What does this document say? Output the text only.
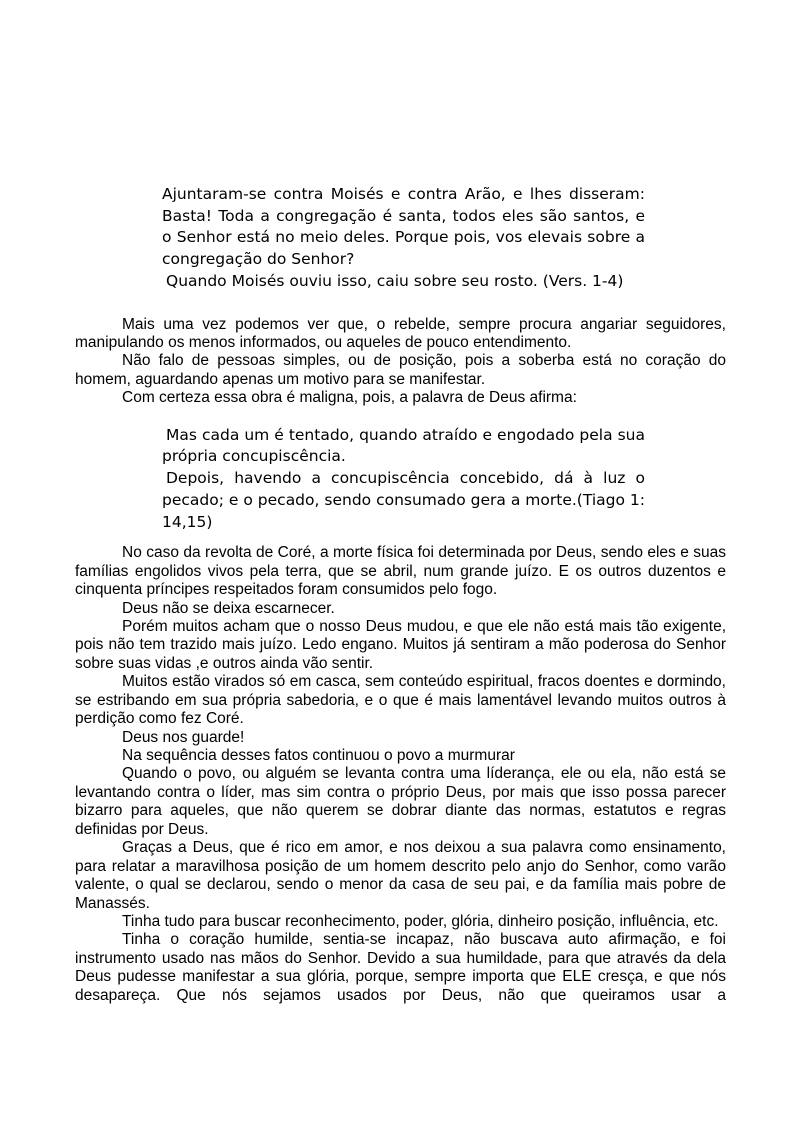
Ajuntaram-se contra Moisés e contra Arão, e lhes disseram: Basta! Toda a congregação é santa, todos eles são santos, e o Senhor está no meio deles. Porque pois, vos elevais sobre a congregação do Senhor?

Quando Moisés ouviu isso, caiu sobre seu rosto. (Vers. 1-4)

Mais uma vez podemos ver que, o rebelde, sempre procura angariar seguidores, manipulando os menos informados, ou aqueles de pouco entendimento.

Não falo de pessoas simples, ou de posição, pois a soberba está no coração do homem, aguardando apenas um motivo para se manifestar.

Com certeza essa obra é maligna, pois, a palavra de Deus afirma:

Mas cada um é tentado, quando atraído e engodado pela sua própria concupiscência.

Depois, havendo a concupiscência concebido, dá à luz o pecado; e o pecado, sendo consumado gera a morte.(Tiago 1: 14,15)

No caso da revolta de Coré, a morte física foi determinada por Deus, sendo eles e suas famílias engolidos vivos pela terra, que se abril, num grande juízo. E os outros duzentos e cinquenta príncipes respeitados foram consumidos pelo fogo.

Deus não se deixa escarnecer.

Porém muitos acham que o nosso Deus mudou, e que ele não está mais tão exigente, pois não tem trazido mais juízo. Ledo engano. Muitos já sentiram a mão poderosa do Senhor sobre suas vidas ,e outros ainda vão sentir.

Muitos estão virados só em casca, sem conteúdo espiritual, fracos doentes e dormindo, se estribando em sua própria sabedoria, e o que é mais lamentável levando muitos outros à perdição como fez Coré.

Deus nos guarde!

Na sequência desses fatos continuou o povo a murmurar

Quando o povo, ou alguém se levanta contra uma líderança, ele ou ela, não está se levantando contra o líder, mas sim contra o próprio Deus, por mais que isso possa parecer bizarro para aqueles, que não querem se dobrar diante das normas, estatutos e regras definidas por Deus.

Graças a Deus, que é rico em amor, e nos deixou a sua palavra como ensinamento, para relatar a maravilhosa posição de um homem descrito pelo anjo do Senhor, como varão valente, o qual se declarou, sendo o menor da casa de seu pai, e da família mais pobre de Manassés.

Tinha tudo para buscar reconhecimento, poder, glória, dinheiro posição, influência, etc.

Tinha o coração humilde, sentia-se incapaz, não buscava auto afirmação, e foi instrumento usado nas mãos do Senhor. Devido a sua humildade, para que através da dela Deus pudesse manifestar a sua glória, porque, sempre importa que ELE cresça, e que nós desapareça. Que nós sejamos usados por Deus, não que queiramos usar a
